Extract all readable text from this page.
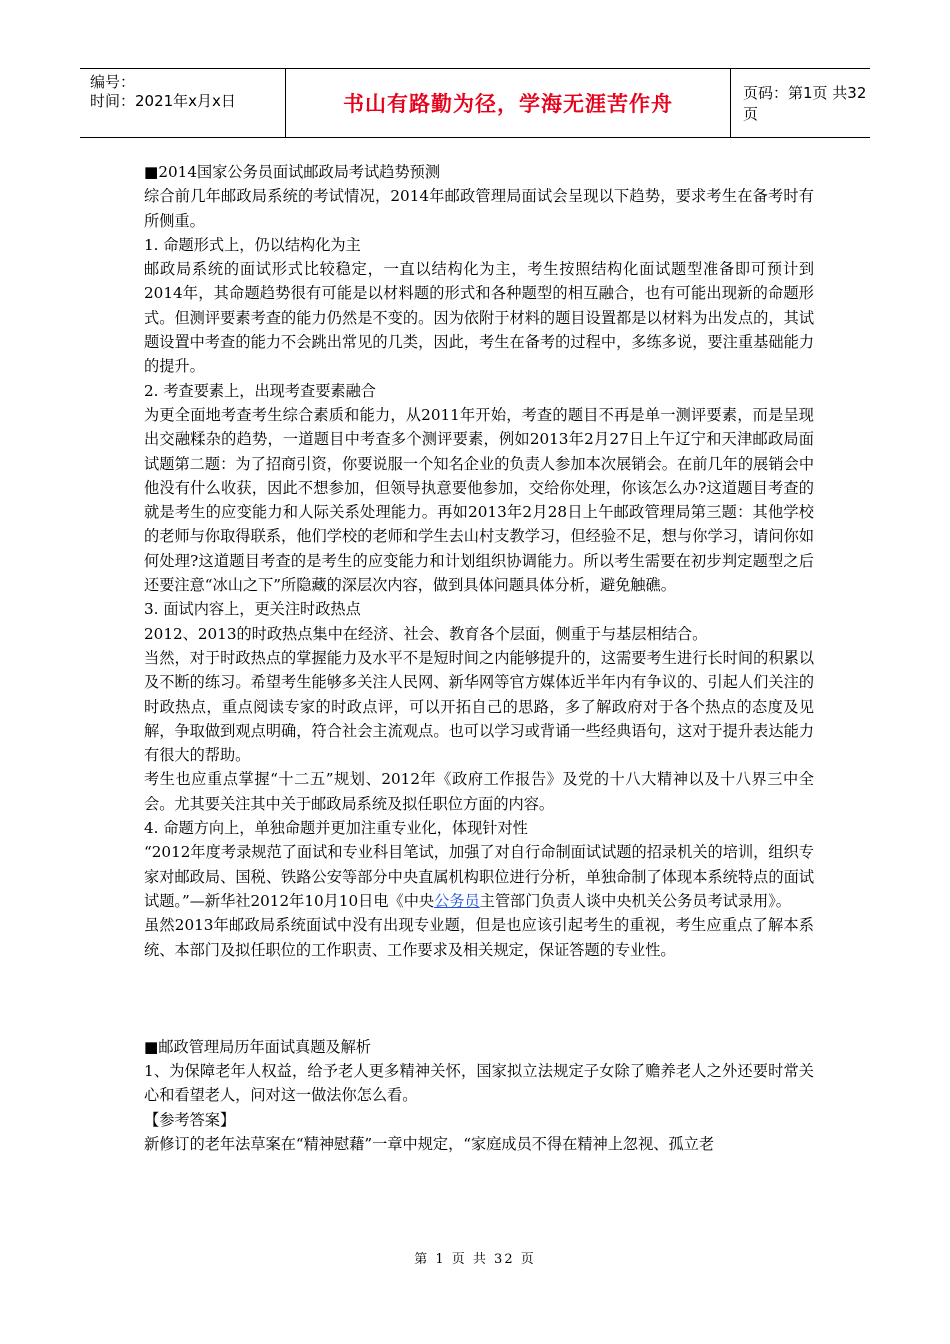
编号：
时间：2021年x月x日	书山有路勤为径，学海无涯苦作舟	页码：第1页 共32页

■2014国家公务员面试邮政局考试趋势预测

综合前几年邮政局系统的考试情况，2014年邮政管理局面试会呈现以下趋势，要求考生在备考时有所侧重。

1. 命题形式上，仍以结构化为主

邮政局系统的面试形式比较稳定，一直以结构化为主，考生按照结构化面试题型准备即可预计到2014年，其命题趋势很有可能是以材料题的形式和各种题型的相互融合，也有可能出现新的命题形式。但测评要素考查的能力仍然是不变的。因为依附于材料的题目设置都是以材料为出发点的，其试题设置中考查的能力不会跳出常见的几类，因此，考生在备考的过程中，多练多说，要注重基础能力的提升。

2. 考查要素上，出现考查要素融合

为更全面地考查考生综合素质和能力，从2011年开始，考查的题目不再是单一测评要素，而是呈现出交融糅杂的趋势，一道题目中考查多个测评要素，例如2013年2月27日上午辽宁和天津邮政局面试题第二题：为了招商引资，你要说服一个知名企业的负责人参加本次展销会。在前几年的展销会中他没有什么收获，因此不想参加，但领导执意要他参加，交给你处理，你该怎么办?这道题目考查的就是考生的应变能力和人际关系处理能力。再如2013年2月28日上午邮政管理局第三题：其他学校的老师与你取得联系，他们学校的老师和学生去山村支教学习，但经验不足，想与你学习，请问你如何处理?这道题目考查的是考生的应变能力和计划组织协调能力。所以考生需要在初步判定题型之后还要注意“冰山之下”所隐藏的深层次内容，做到具体问题具体分析，避免触礁。

3. 面试内容上，更关注时政热点

2012、2013的时政热点集中在经济、社会、教育各个层面，侧重于与基层相结合。

当然，对于时政热点的掌握能力及水平不是短时间之内能够提升的，这需要考生进行长时间的积累以及不断的练习。希望考生能够多关注人民网、新华网等官方媒体近半年内有争议的、引起人们关注的时政热点，重点阅读专家的时政点评，可以开拓自己的思路，多了解政府对于各个热点的态度及见解，争取做到观点明确，符合社会主流观点。也可以学习或背诵一些经典语句，这对于提升表达能力有很大的帮助。

考生也应重点掌握“十二五”规划、2012年《政府工作报告》及党的十八大精神以及十八界三中全会。尤其要关注其中关于邮政局系统及拟任职位方面的内容。

4. 命题方向上，单独命题并更加注重专业化，体现针对性

“2012年度考录规范了面试和专业科目笔试，加强了对自行命制面试试题的招录机关的培训，组织专家对邮政局、国税、铁路公安等部分中央直属机构职位进行分析，单独命制了体现本系统特点的面试试题。”—新华社2012年10月10日电《中央公务员主管部门负责人谈中央机关公务员考试录用》。

虽然2013年邮政局系统面试中没有出现专业题，但是也应该引起考生的重视，考生应重点了解本系统、本部门及拟任职位的工作职责、工作要求及相关规定，保证答题的专业性。

■邮政管理局历年面试真题及解析

1、为保障老年人权益，给予老人更多精神关怀，国家拟立法规定子女除了赡养老人之外还要时常关心和看望老人，问对这一做法你怎么看。

【参考答案】

新修订的老年法草案在“精神慰藉”一章中规定，“家庭成员不得在精神上忽视、孤立老

第 1 页 共 32 页
